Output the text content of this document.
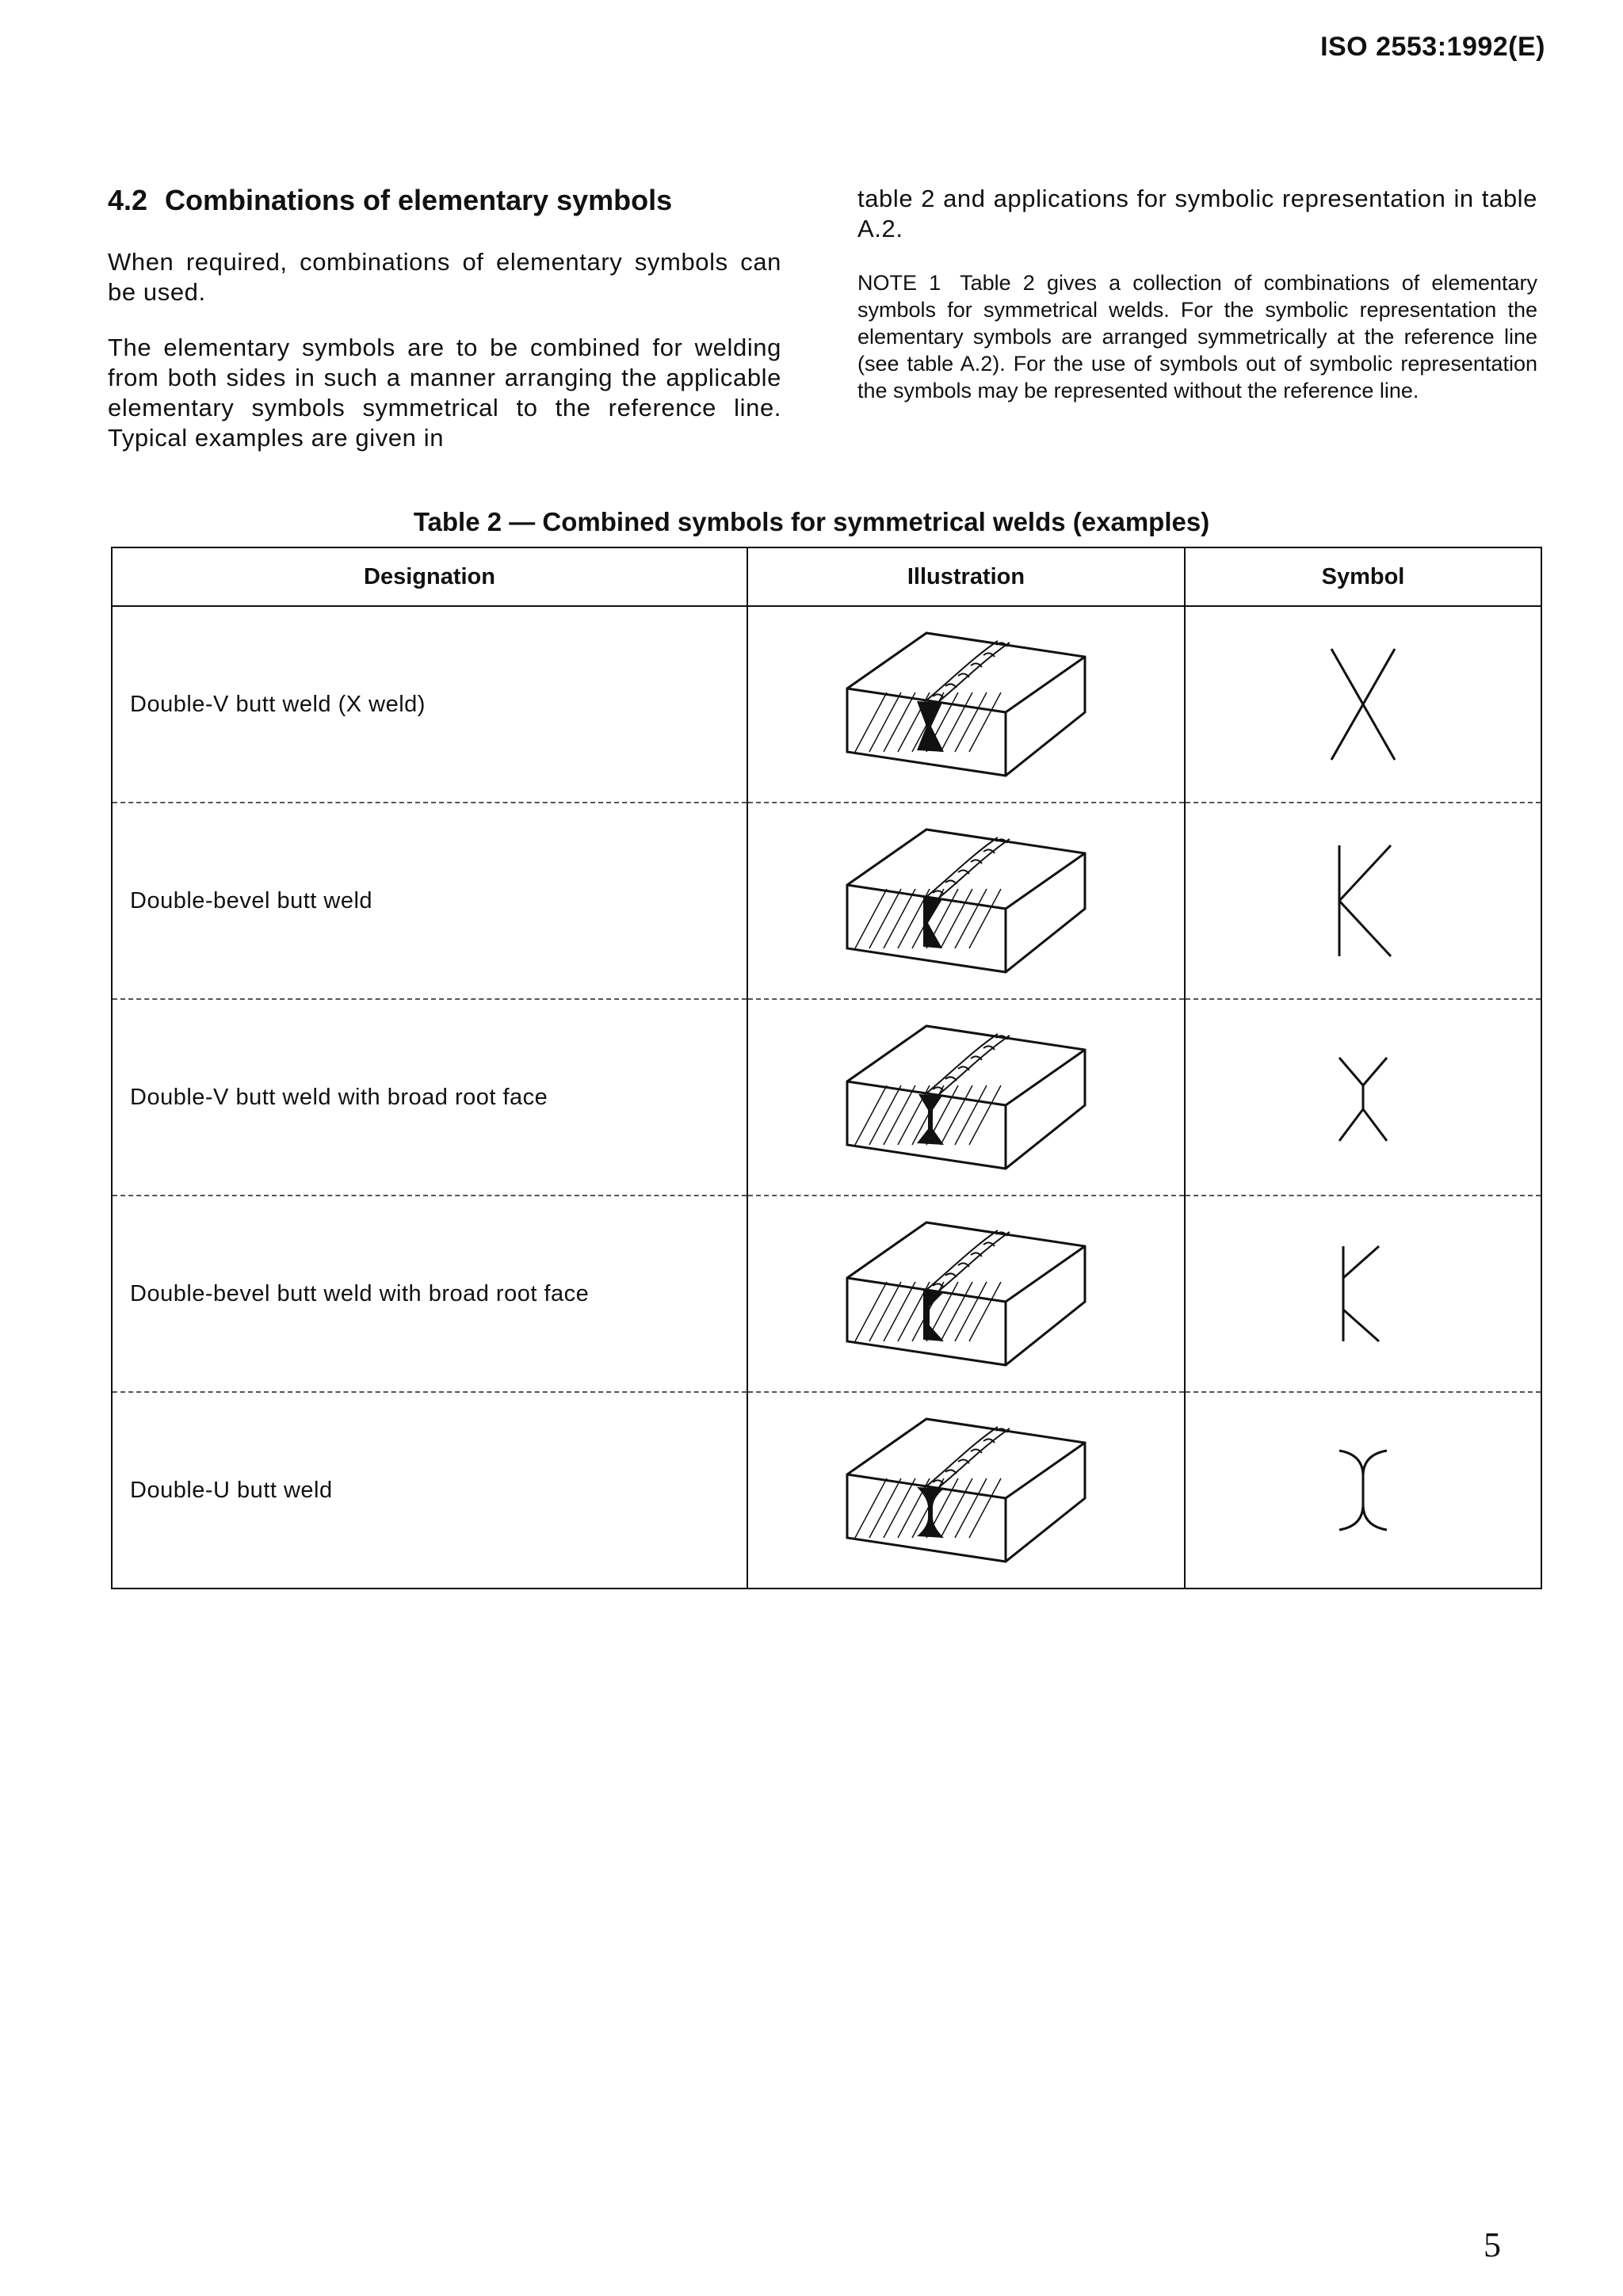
ISO 2553:1992(E)
4.2 Combinations of elementary symbols

When required, combinations of elementary symbols can be used.

The elementary symbols are to be combined for welding from both sides in such a manner arranging the applicable elementary symbols symmetrical to the reference line. Typical examples are given in

table 2 and applications for symbolic representation in table A.2.

NOTE 1 Table 2 gives a collection of combinations of elementary symbols for symmetrical welds. For the symbolic representation the elementary symbols are arranged symmetrically at the reference line (see table A.2). For the use of symbols out of symbolic representation the symbols may be represented without the reference line.

Table 2 — Combined symbols for symmetrical welds (examples)
Designation	Illustration	Symbol
Double-V butt weld (X weld)		
Double-bevel butt weld		
Double-V butt weld with broad root face		
Double-bevel butt weld with broad root face		
Double-U butt weld		
5
